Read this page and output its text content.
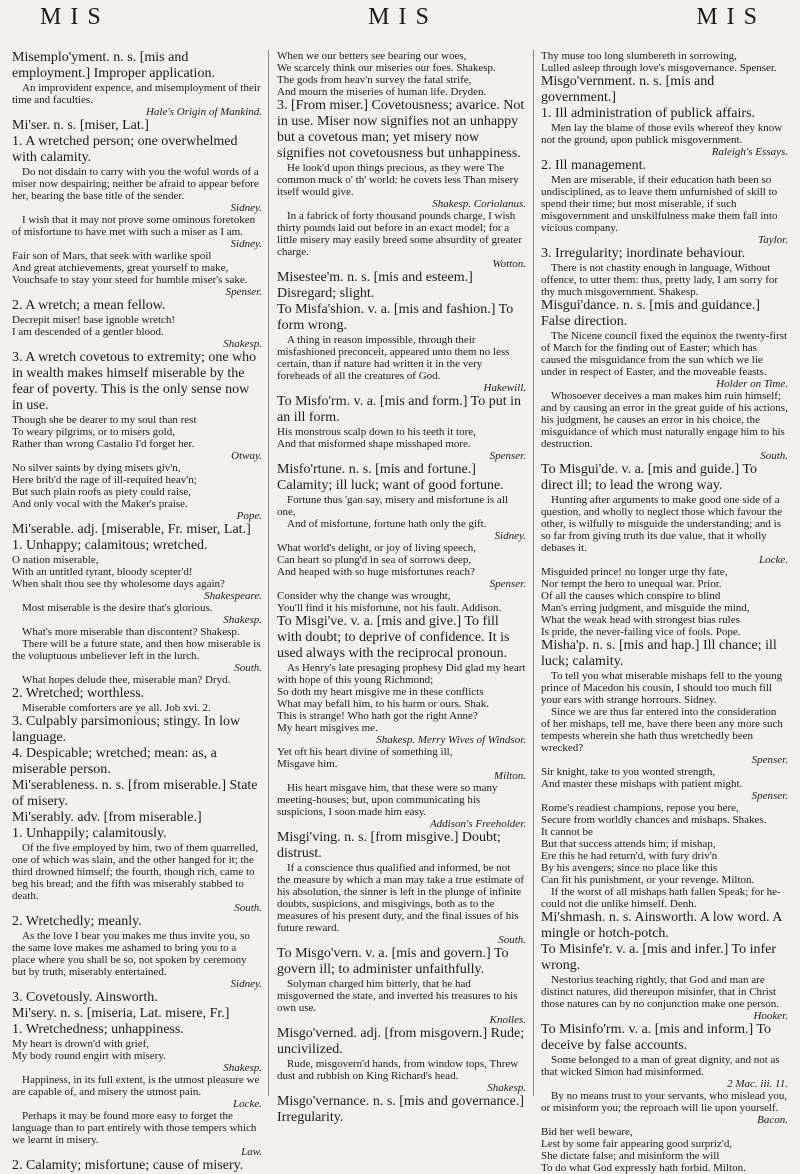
MIS	MIS	MIS

Misemplo'yment. n. s. [mis and employment.] Improper application.

An improvident expence, and misemployment of their time and faculties.

Hale's Origin of Mankind.

Mi'ser. n. s. [miser, Lat.]

1. A wretched person; one overwhelmed with calamity.

Do not disdain to carry with you the woful words of a miser now despairing; neither be afraid to appear before her, bearing the base title of the sender.

Sidney.

I wish that it may not prove some ominous foretoken of misfortune to have met with such a miser as I am.

Sidney.

Fair son of Mars, that seek with warlike spoil

And great atchievements, great yourself to make,

Vouchsafe to stay your steed for humble miser's sake.

Spenser.

2. A wretch; a mean fellow.

Decrepit miser! base ignoble wretch!

I am descended of a gentler blood.

Shakesp.

3. A wretch covetous to extremity; one who in wealth makes himself miserable by the fear of poverty. This is the only sense now in use.

Though she be dearer to my soul than rest

To weary pilgrims, or to misers gold,

Rather than wrong Castalio I'd forget her.

Otway.

No silver saints by dying misers giv'n,

Here brib'd the rage of ill-requited heav'n;

But such plain roofs as piety could raise,

And only vocal with the Maker's praise.

Pope.

Mi'serable. adj. [miserable, Fr. miser, Lat.]

1. Unhappy; calamitous; wretched.

O nation miserable,

With an untitled tyrant, bloody scepter'd!

When shalt thou see thy wholesome days again?

Shakespeare.

Most miserable is the desire that's glorious.

Shakesp.

What's more miserable than discontent? Shakesp.

There will be a future state, and then how miserable is the voluptuous unbeliever left in the lurch.

South.

What hopes delude thee, miserable man? Dryd.

2. Wretched; worthless.

Miserable comforters are ye all. Job xvi. 2.

3. Culpably parsimonious; stingy. In low language.

4. Despicable; wretched; mean: as, a miserable person.

Mi'serableness. n. s. [from miserable.] State of misery.

Mi'serably. adv. [from miserable.]

1. Unhappily; calamitously.

Of the five employed by him, two of them quarrelled, one of which was slain, and the other hanged for it; the third drowned himself; the fourth, though rich, came to beg his bread; and the fifth was miserably stabbed to death.

South.

2. Wretchedly; meanly.

As the love I bear you makes me thus invite you, so the same love makes me ashamed to bring you to a place where you shall be so, not spoken by ceremony but by truth, miserably entertained.

Sidney.

3. Covetously. Ainsworth.

Mi'sery. n. s. [miseria, Lat. misere, Fr.]

1. Wretchedness; unhappiness.

My heart is drown'd with grief,

My body round engirt with misery.

Shakesp.

Happiness, in its full extent, is the utmost pleasure we are capable of, and misery the utmost pain.

Locke.

Perhaps it may be found more easy to forget the language than to part entirely with those tempers which we learnt in misery.

Law.

2. Calamity; misfortune; cause of misery.

When we our betters see bearing our woes,

We scarcely think our miseries our foes. Shakesp.

The gods from heav'n survey the fatal strife,

And mourn the miseries of human life. Dryden.

3. [From miser.] Covetousness; avarice. Not in use. Miser now signifies not an unhappy but a covetous man; yet misery now signifies not covetousness but unhappiness.

He look'd upon things precious, as they were The common muck o' th' world: he covets less Than misery itself would give.

Shakesp. Coriolanus.

In a fabrick of forty thousand pounds charge, I wish thirty pounds laid out before in an exact model; for a little misery may easily breed some absurdity of greater charge.

Wotton.

Misestee'm. n. s. [mis and esteem.] Disregard; slight.

To Misfa'shion. v. a. [mis and fashion.] To form wrong.

A thing in reason impossible, through their misfashioned preconceit, appeared unto them no less certain, than if nature had written it in the very foreheads of all the creatures of God.

Hakewill.

To Misfo'rm. v. a. [mis and form.] To put in an ill form.

His monstrous scalp down to his teeth it tore,

And that misformed shape misshaped more.

Spenser.

Misfo'rtune. n. s. [mis and fortune.] Calamity; ill luck; want of good fortune.

Fortune thus 'gan say, misery and misfortune is all one,

And of misfortune, fortune hath only the gift.

Sidney.

What world's delight, or joy of living speech,

Can heart so plung'd in sea of sorrows deep,

And heaped with so huge misfortunes reach?

Spenser.

Consider why the change was wrought,

You'll find it his misfortune, not his fault. Addison.

To Misgi've. v. a. [mis and give.] To fill with doubt; to deprive of confidence. It is used always with the reciprocal pronoun.

As Henry's late presaging prophesy Did glad my heart with hope of this young Richmond;

So doth my heart misgive me in these conflicts

What may befall him, to his harm or ours. Shak.

This is strange! Who hath got the right Anne?

My heart misgives me.

Shakesp. Merry Wives of Windsor.

Yet oft his heart divine of something ill,

Misgave him.

Milton.

His heart misgave him, that these were so many meeting-houses; but, upon communicating his suspicions, I soon made him easy.

Addison's Freeholder.

Misgi'ving. n. s. [from misgive.] Doubt; distrust.

If a conscience thus qualified and informed, be not the measure by which a man may take a true estimate of his absolution, the sinner is left in the plunge of infinite doubts, suspicions, and misgivings, both as to the measures of his present duty, and the final issues of his future reward.

South.

To Misgo'vern. v. a. [mis and govern.] To govern ill; to administer unfaithfully.

Solyman charged him bitterly, that he had misgoverned the state, and inverted his treasures to his own use.

Knolles.

Misgo'verned. adj. [from misgovern.] Rude; uncivilized.

Rude, misgovern'd hands, from window tops, Threw dust and rubbish on King Richard's head.

Shakesp.

Misgo'vernance. n. s. [mis and governance.] Irregularity.

Thy muse too long slumbereth in sorrowing,

Lulled asleep through love's misgovernance. Spenser.

Misgo'vernment. n. s. [mis and government.]

1. Ill administration of publick affairs.

Men lay the blame of those evils whereof they know not the ground, upon publick misgovernment.

Raleigh's Essays.

2. Ill management.

Men are miserable, if their education hath been so undisciplined, as to leave them unfurnished of skill to spend their time; but most miserable, if such misgovernment and unskilfulness make them fall into vicious company.

Taylor.

3. Irregularity; inordinate behaviour.

There is not chastity enough in language, Without offence, to utter them: thus, pretty lady, I am sorry for thy much misgovernment. Shakesp.

Misgui'dance. n. s. [mis and guidance.] False direction.

The Nicene council fixed the equinox the twenty-first of March for the finding out of Easter; which has caused the misguidance from the sun which we lie under in respect of Easter, and the moveable feasts.

Holder on Time.

Whosoever deceives a man makes him ruin himself; and by causing an error in the great guide of his actions, his judgment, he causes an error in his choice, the misguidance of which must naturally engage him to his destruction.

South.

To Misgui'de. v. a. [mis and guide.] To direct ill; to lead the wrong way.

Hunting after arguments to make good one side of a question, and wholly to neglect those which favour the other, is wilfully to misguide the understanding; and is so far from giving truth its due value, that it wholly debases it.

Locke.

Misguided prince! no longer urge thy fate,

Nor tempt the hero to unequal war. Prior.

Of all the causes which conspire to blind

Man's erring judgment, and misguide the mind,

What the weak head with strongest bias rules

Is pride, the never-failing vice of fools. Pope.

Misha'p. n. s. [mis and hap.] Ill chance; ill luck; calamity.

To tell you what miserable mishaps fell to the young prince of Macedon his cousin, I should too much fill your ears with strange horrours. Sidney.

Since we are thus far entered into the consideration of her mishaps, tell me, have there been any more such tempests wherein she hath thus wretchedly been wrecked?

Spenser.

Sir knight, take to you wonted strength,

And master these mishaps with patient might.

Spenser.

Rome's readiest champions, repose you here,

Secure from worldly chances and mishaps. Shakes.

It cannot be

But that success attends him; if mishap,

Ere this he had return'd, with fury driv'n

By his avengers; since no place like this

Can fit his punishment, or your revenge. Milton.

If the worst of all mishaps hath fallen Speak; for he-could not die unlike himself. Denh.

Mi'shmash. n. s. Ainsworth. A low word. A mingle or hotch-potch.

To Misinfe'r. v. a. [mis and infer.] To infer wrong.

Nestorius teaching rightly, that God and man are distinct natures, did thereupon misinfer, that in Christ those natures can by no conjunction make one person.

Hooker.

To Misinfo'rm. v. a. [mis and inform.] To deceive by false accounts.

Some belonged to a man of great dignity, and not as that wicked Simon had misinformed.

2 Mac. iii. 11.

By no means trust to your servants, who mislead you, or misinform you; the reproach will lie upon yourself.

Bacon.

Bid her well beware,

Lest by some fair appearing good surpriz'd,

She dictate false; and misinform the will

To do what God expressly hath forbid. Milton.
